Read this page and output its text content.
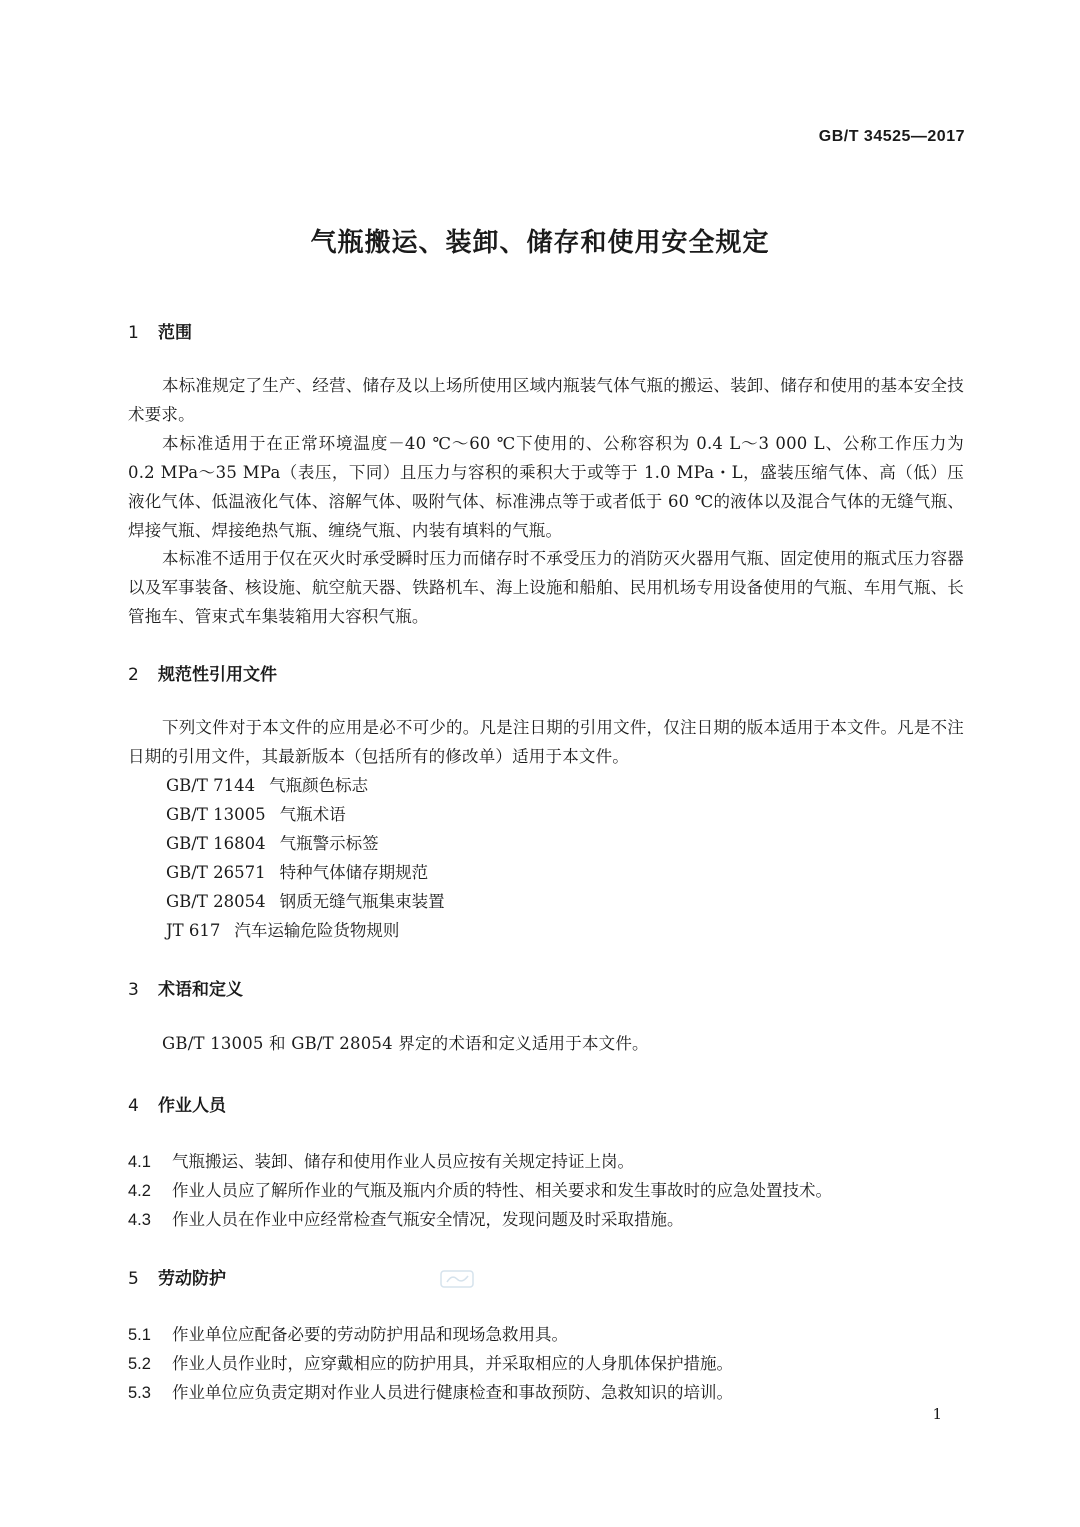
GB/T 34525—2017
气瓶搬运、装卸、储存和使用安全规定
1 范围
本标准规定了生产、经营、储存及以上场所使用区域内瓶装气体气瓶的搬运、装卸、储存和使用的基本安全技术要求。
本标准适用于在正常环境温度－40 ℃～60 ℃下使用的、公称容积为 0.4 L～3 000 L、公称工作压力为 0.2 MPa～35 MPa（表压，下同）且压力与容积的乘积大于或等于 1.0 MPa・L，盛装压缩气体、高（低）压液化气体、低温液化气体、溶解气体、吸附气体、标准沸点等于或者低于 60 ℃的液体以及混合气体的无缝气瓶、焊接气瓶、焊接绝热气瓶、缠绕气瓶、内装有填料的气瓶。
本标准不适用于仅在灭火时承受瞬时压力而储存时不承受压力的消防灭火器用气瓶、固定使用的瓶式压力容器以及军事装备、核设施、航空航天器、铁路机车、海上设施和船舶、民用机场专用设备使用的气瓶、车用气瓶、长管拖车、管束式车集装箱用大容积气瓶。
2 规范性引用文件
下列文件对于本文件的应用是必不可少的。凡是注日期的引用文件，仅注日期的版本适用于本文件。凡是不注日期的引用文件，其最新版本（包括所有的修改单）适用于本文件。
GB/T 7144 气瓶颜色标志
GB/T 13005 气瓶术语
GB/T 16804 气瓶警示标签
GB/T 26571 特种气体储存期规范
GB/T 28054 钢质无缝气瓶集束装置
JT 617 汽车运输危险货物规则
3 术语和定义
GB/T 13005 和 GB/T 28054 界定的术语和定义适用于本文件。
4 作业人员
4.1 气瓶搬运、装卸、储存和使用作业人员应按有关规定持证上岗。
4.2 作业人员应了解所作业的气瓶及瓶内介质的特性、相关要求和发生事故时的应急处置技术。
4.3 作业人员在作业中应经常检查气瓶安全情况，发现问题及时采取措施。
5 劳动防护
5.1 作业单位应配备必要的劳动防护用品和现场急救用具。
5.2 作业人员作业时，应穿戴相应的防护用具，并采取相应的人身肌体保护措施。
5.3 作业单位应负责定期对作业人员进行健康检查和事故预防、急救知识的培训。
1
